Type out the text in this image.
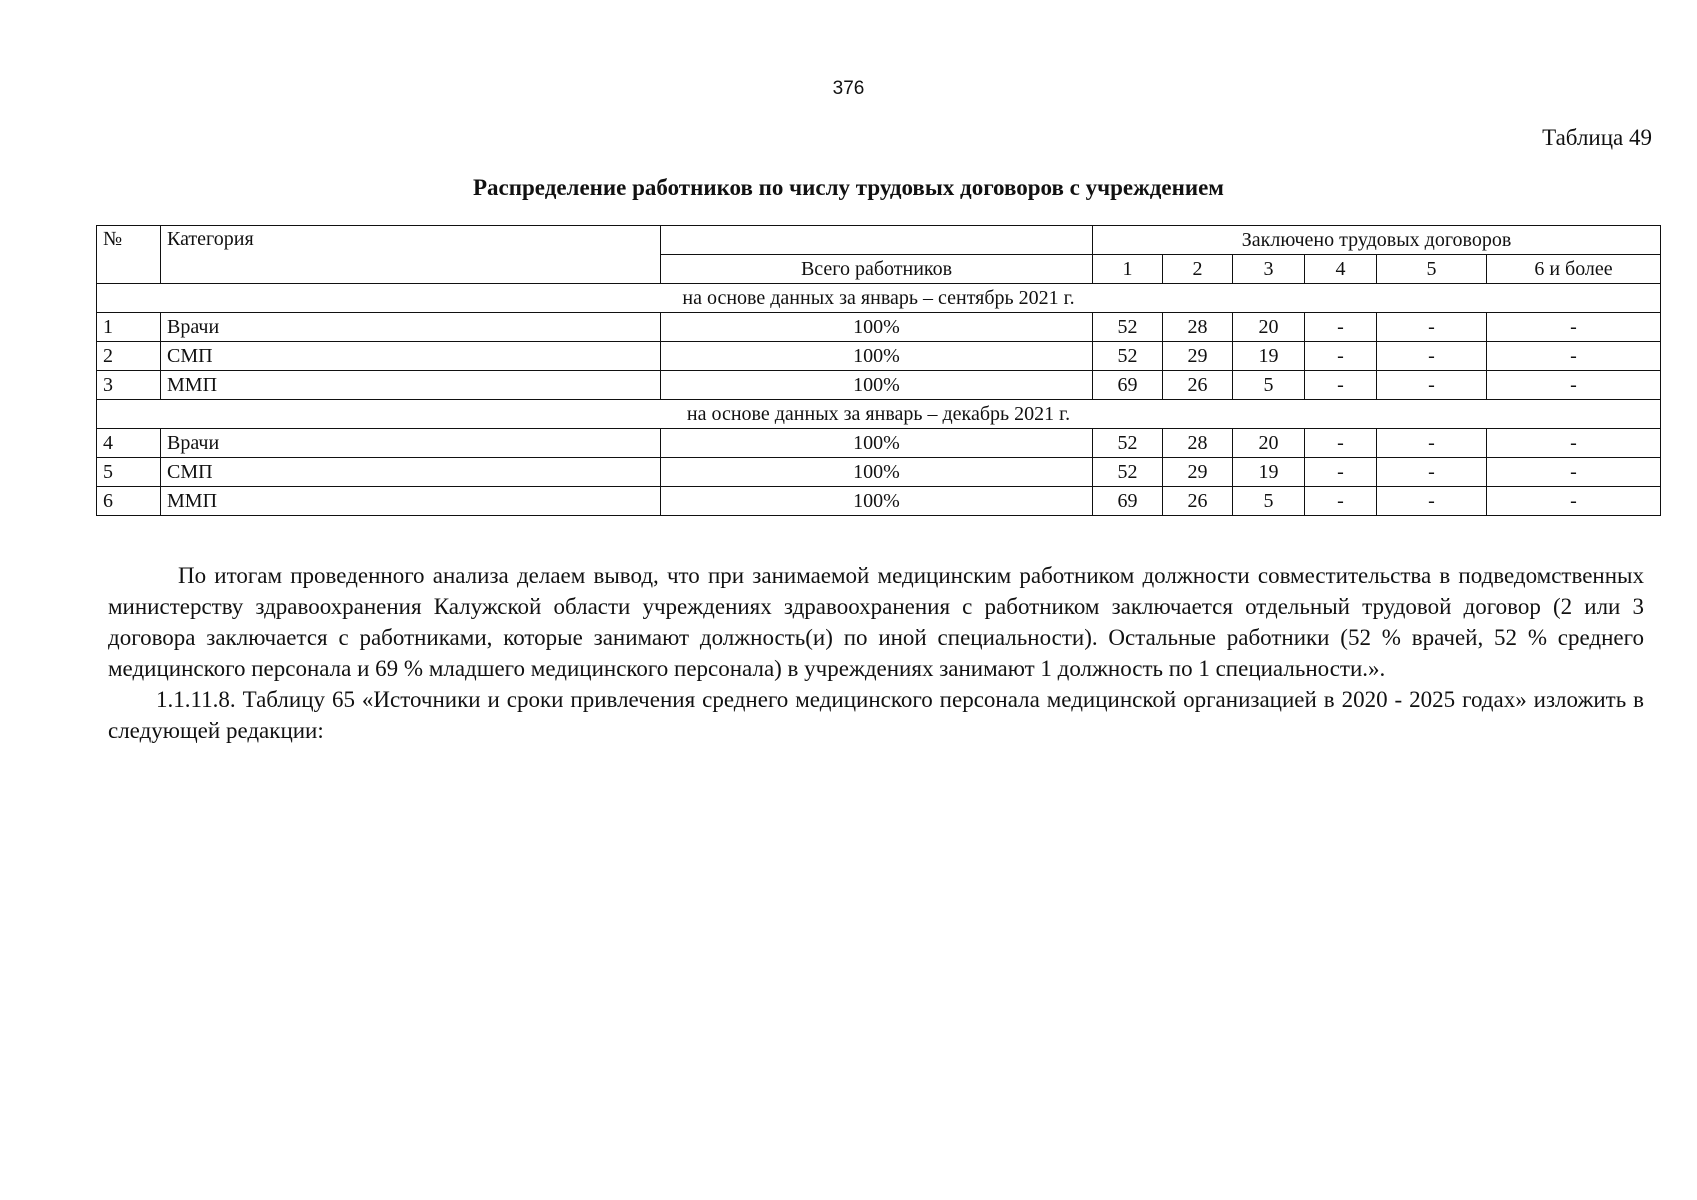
376
Таблица 49
Распределение работников по числу трудовых договоров с учреждением
№	Категория		Заключено трудовых договоров					
		Всего работников	1	2	3	4	5	6 и более
на основе данных за январь – сентябрь 2021 г.								
1	Врачи	100%	52	28	20	-	-	-
2	СМП	100%	52	29	19	-	-	-
3	ММП	100%	69	26	5	-	-	-
на основе данных за январь – декабрь 2021 г.								
4	Врачи	100%	52	28	20	-	-	-
5	СМП	100%	52	29	19	-	-	-
6	ММП	100%	69	26	5	-	-	-

По итогам проведенного анализа делаем вывод, что при занимаемой медицинским работником должности совместительства в подведомственных министерству здравоохранения Калужской области учреждениях здравоохранения с работником заключается отдельный трудовой договор (2 или 3 договора заключается с работниками, которые занимают должность(и) по иной специальности). Остальные работники (52 % врачей, 52 % среднего медицинского персонала и 69 % младшего медицинского персонала) в учреждениях занимают 1 должность по 1 специальности.».

1.1.11.8. Таблицу 65 «Источники и сроки привлечения среднего медицинского персонала медицинской организацией в 2020 - 2025 годах» изложить в следующей редакции:
